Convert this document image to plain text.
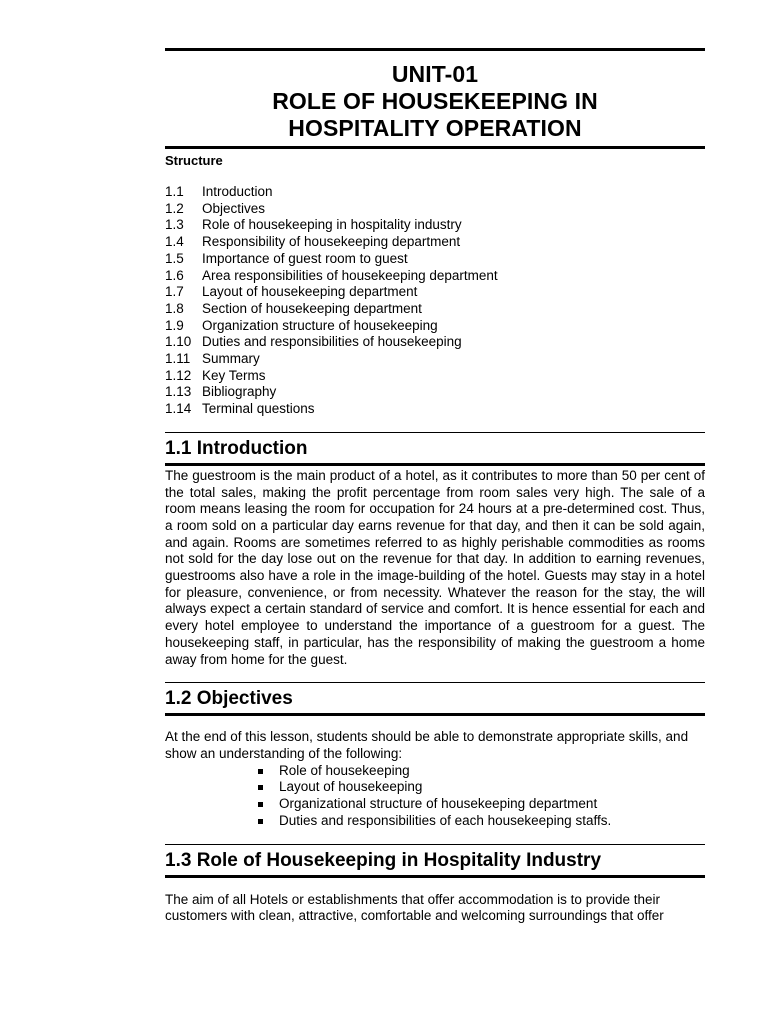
UNIT-01
ROLE OF HOUSEKEEPING IN
HOSPITALITY OPERATION
Structure
1.1	Introduction
1.2	Objectives
1.3	Role of housekeeping in hospitality industry
1.4	Responsibility of housekeeping department
1.5	Importance of guest room to guest
1.6	Area responsibilities of housekeeping department
1.7	Layout of housekeeping department
1.8	Section of housekeeping department
1.9	Organization structure of housekeeping
1.10 Duties and responsibilities of housekeeping
1.11 Summary
1.12 Key Terms
1.13 Bibliography
1.14 Terminal questions
1.1 Introduction

The guestroom is the main product of a hotel, as it contributes to more than 50 per cent of the total sales, making the profit percentage from room sales very high. The sale of a room means leasing the room for occupation for 24 hours at a pre-determined cost. Thus, a room sold on a particular day earns revenue for that day, and then it can be sold again, and again. Rooms are sometimes referred to as highly perishable commodities as rooms not sold for the day lose out on the revenue for that day. In addition to earning revenues, guestrooms also have a role in the image-building of the hotel. Guests may stay in a hotel for pleasure, convenience, or from necessity. Whatever the reason for the stay, the will always expect a certain standard of service and comfort. It is hence essential for each and every hotel employee to understand the importance of a guestroom for a guest. The housekeeping staff, in particular, has the responsibility of making the guestroom a home away from home for the guest.

1.2 Objectives

At the end of this lesson, students should be able to demonstrate appropriate skills, and show an understanding of the following:

Role of housekeeping
Layout of housekeeping
Organizational structure of housekeeping department
Duties and responsibilities of each housekeeping staffs.
1.3 Role of Housekeeping in Hospitality Industry

The aim of all Hotels or establishments that offer accommodation is to provide their customers with clean, attractive, comfortable and welcoming surroundings that offer
